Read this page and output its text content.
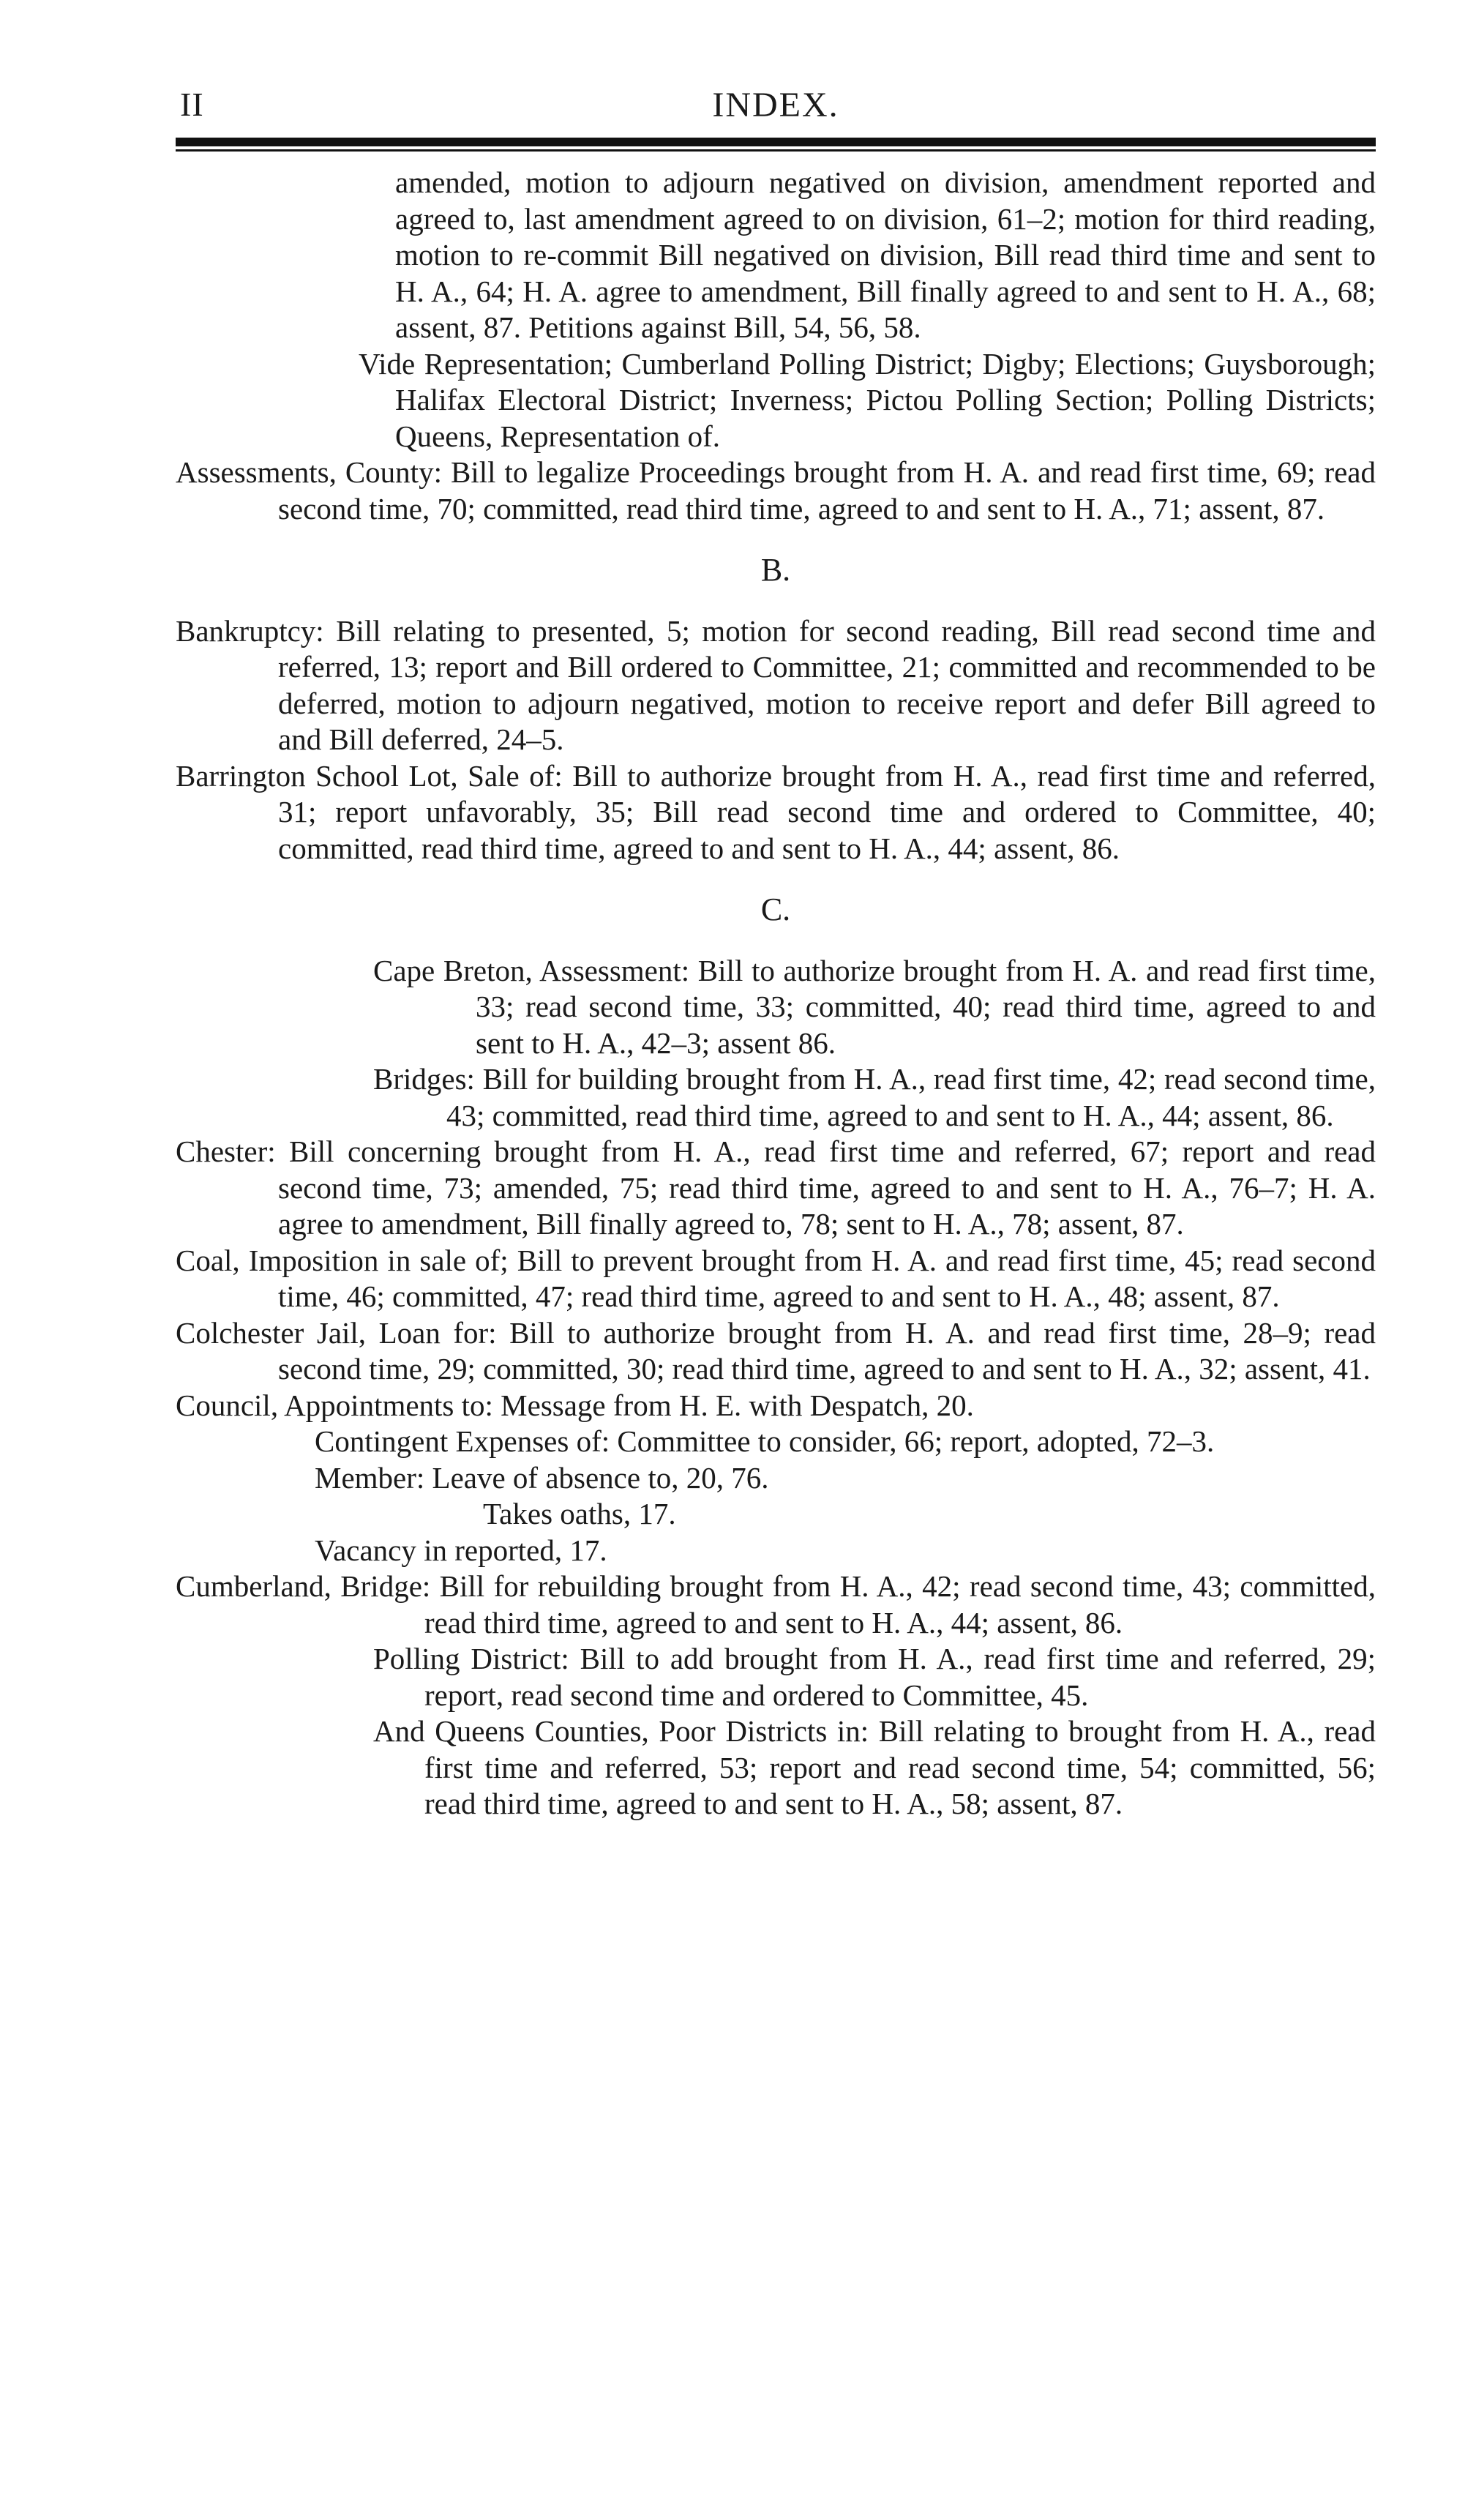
II	INDEX.

amended, motion to adjourn negatived on division, amendment reported and agreed to, last amendment agreed to on division, 61–2; motion for third reading, motion to re-commit Bill negatived on division, Bill read third time and sent to H. A., 64; H. A. agree to amendment, Bill finally agreed to and sent to H. A., 68; assent, 87. Petitions against Bill, 54, 56, 58.

Vide Representation; Cumberland Polling District; Digby; Elections; Guysborough; Halifax Electoral District; Inverness; Pictou Polling Section; Polling Districts; Queens, Representation of.

Assessments, County: Bill to legalize Proceedings brought from H. A. and read first time, 69; read second time, 70; committed, read third time, agreed to and sent to H. A., 71; assent, 87.

B.

Bankruptcy: Bill relating to presented, 5; motion for second reading, Bill read second time and referred, 13; report and Bill ordered to Committee, 21; committed and recommended to be deferred, motion to adjourn negatived, motion to receive report and defer Bill agreed to and Bill deferred, 24–5.

Barrington School Lot, Sale of: Bill to authorize brought from H. A., read first time and referred, 31; report unfavorably, 35; Bill read second time and ordered to Committee, 40; committed, read third time, agreed to and sent to H. A., 44; assent, 86.

C.

Cape Breton, Assessment: Bill to authorize brought from H. A. and read first time, 33; read second time, 33; committed, 40; read third time, agreed to and sent to H. A., 42–3; assent 86.

Bridges: Bill for building brought from H. A., read first time, 42; read second time, 43; committed, read third time, agreed to and sent to H. A., 44; assent, 86.

Chester: Bill concerning brought from H. A., read first time and referred, 67; report and read second time, 73; amended, 75; read third time, agreed to and sent to H. A., 76–7; H. A. agree to amendment, Bill finally agreed to, 78; sent to H. A., 78; assent, 87.

Coal, Imposition in sale of; Bill to prevent brought from H. A. and read first time, 45; read second time, 46; committed, 47; read third time, agreed to and sent to H. A., 48; assent, 87.

Colchester Jail, Loan for: Bill to authorize brought from H. A. and read first time, 28–9; read second time, 29; committed, 30; read third time, agreed to and sent to H. A., 32; assent, 41.

Council, Appointments to: Message from H. E. with Despatch, 20.

Contingent Expenses of: Committee to consider, 66; report, adopted, 72–3.

Member: Leave of absence to, 20, 76.

Takes oaths, 17.

Vacancy in reported, 17.

Cumberland, Bridge: Bill for rebuilding brought from H. A., 42; read second time, 43; committed, read third time, agreed to and sent to H. A., 44; assent, 86.

Polling District: Bill to add brought from H. A., read first time and referred, 29; report, read second time and ordered to Committee, 45.

And Queens Counties, Poor Districts in: Bill relating to brought from H. A., read first time and referred, 53; report and read second time, 54; committed, 56; read third time, agreed to and sent to H. A., 58; assent, 87.
